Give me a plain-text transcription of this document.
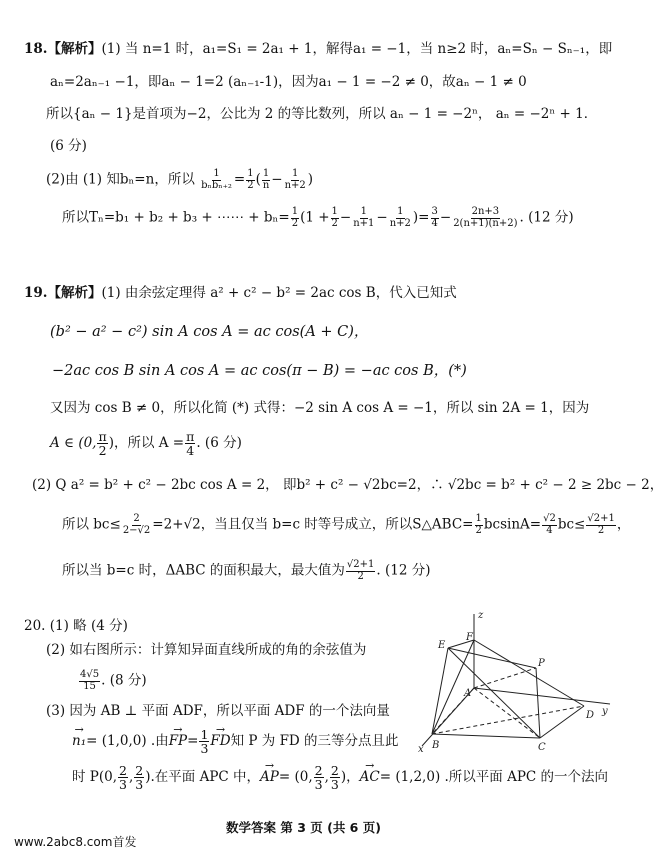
18.【解析】(1) 当 n=1 时，a₁=S₁ = 2a₁ + 1，解得a₁ = −1，当 n≥2 时，aₙ=Sₙ − Sₙ₋₁，即
aₙ=2aₙ₋₁ −1，即aₙ − 1=2 (aₙ₋₁-1)，因为a₁ − 1 = −2 ≠ 0，故aₙ − 1 ≠ 0
所以{aₙ − 1}是首项为−2，公比为 2 的等比数列，所以 aₙ − 1 = −2ⁿ， aₙ = −2ⁿ + 1．
(6 分)
(2)由 (1) 知bₙ=n，所以 $\frac{1}{\text{bₙbₙ₊₂}} = \frac{1}{2}$ ( $\frac{1}{n} - \frac{1}{n+2}$ )
所以Tₙ=b₁ + b₂ + b₃ + ⋯⋯ + $b_n= \frac{1}{2} (1 + \frac{1}{2} - \frac{1}{n+1} - \frac{1}{n+2}$ )= $\frac{3}{4} - \frac{2n+3}{2(n+1)(n+2)}$ . (12 分)
19.【解析】(1) 由余弦定理得 a² + c² − b² = 2ac cos B，代入已知式
(b² − a² − c²) sin A cos A = ac cos(A + C)，
−2ac cos B sin A cos A = ac cos(π − B) = −ac cos B，(*)
又因为 cos B ≠ 0，所以化简 (*) 式得：−2 sin A cos A = −1，所以 sin 2A = 1，因为
A ∈ (0, $\frac{\pi}{2}$ )，所以 $A = \frac{\pi}{4}$ . (6 分)
(2) Q a² = b² + c² − 2bc cos A = 2， 即b² + c² − √2bc=2，∴ √2bc = b² + c² − 2 ≥ 2bc − 2，
所以 $bc\le \frac{2}{2-√2} =2+√2$，当且仅当 b=c 时等号成立，所以S△ABC= $\frac{1}{2} bcsinA= \frac{√2}{4} bc\le \frac{√2+1}{2}$ ，
所以当 b=c 时，ΔABC 的面积最大，最大值为 $\frac{√2+1}{2}$ . (12 分)
20. (1) 略 (4 分)
(2) 如右图所示：计算知异面直线所成的角的余弦值为
$\frac{4√5}{15}$ . (8 分)
(3) 因为 AB ⊥ 平面 ADF，所以平面 ADF 的一个法向量
→ n₁= (1,0,0) .由→ $FP= \frac{1}{3}$
→ FD知 P 为 FD 的三等分点且此
时 P(0, $\frac{2}{3}$ , $\frac{2}{3}$ ).在平面 APC 中，→ AP= (0, $\frac{2}{3}$ , $\frac{2}{3}$ )，→ AC= (1,2,0) .所以平面 APC 的一个法向
z
E
F
P
A
B	C
D
x
y
数学答案 第 3 页 (共 6 页)
www.2abc8.com首发
